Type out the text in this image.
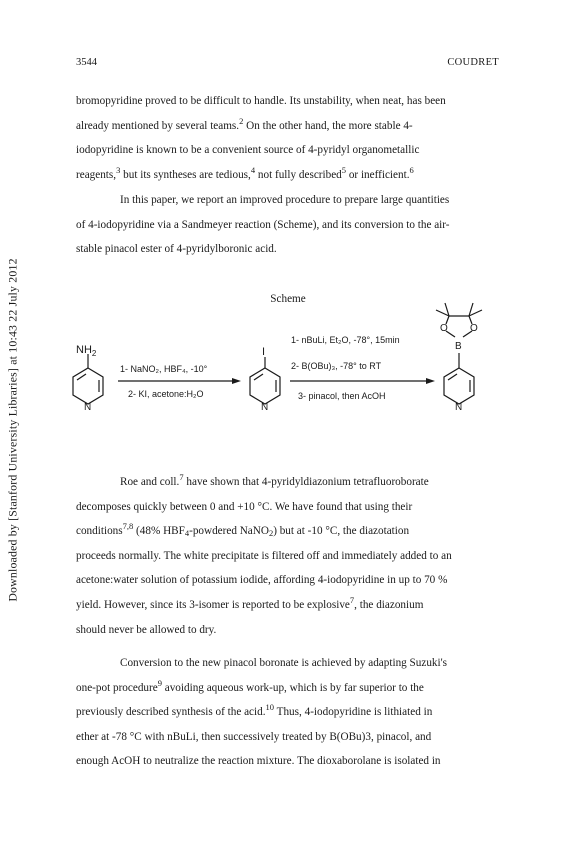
3544	COUDRET
Downloaded by [Stanford University Libraries] at 10:43 22 July 2012
bromopyridine proved to be difficult to handle. Its unstability, when neat, has been
already mentioned by several teams.$^2$ On the other hand, the more stable 4-
iodopyridine is known to be a convenient source of 4-pyridyl organometallic
reagents,$^3$ but its syntheses are tedious,$^4$ not fully described$^5$ or inefficient.$^6$
In this paper, we report an improved procedure to prepare large quantities
of 4-iodopyridine via a Sandmeyer reaction (Scheme), and its conversion to the air-
stable pinacol ester of 4-pyridylboronic acid.
Scheme
$NH_2$
N
I
N	N
B
O O
1- NaNO₂, HBF₄, -10°
2- KI, acetone:H₂O
1- nBuLi, Et₂O, -78°, 15min
2- B(OBu)₃, -78° to RT
3- pinacol, then AcOH
Roe and coll.$^7$ have shown that 4-pyridyldiazonium tetrafluoroborate
decomposes quickly between 0 and +10 °C. We have found that using their
conditions$^{7,8}$ (48% $HBF_4$-powdered NaNO$_2$) but at -10 °C, the diazotation
proceeds normally. The white precipitate is filtered off and immediately added to an
acetone:water solution of potassium iodide, affording 4-iodopyridine in up to 70 %
yield. However, since its 3-isomer is reported to be explosive$^7$, the diazonium
should never be allowed to dry.
Conversion to the new pinacol boronate is achieved by adapting Suzuki's
one-pot procedure$^9$ avoiding aqueous work-up, which is by far superior to the
previously described synthesis of the acid.$^{10}$ Thus, 4-iodopyridine is lithiated in
ether at -78 °C with nBuLi, then successively treated by B(OBu)3, pinacol, and
enough AcOH to neutralize the reaction mixture. The dioxaborolane is isolated in
